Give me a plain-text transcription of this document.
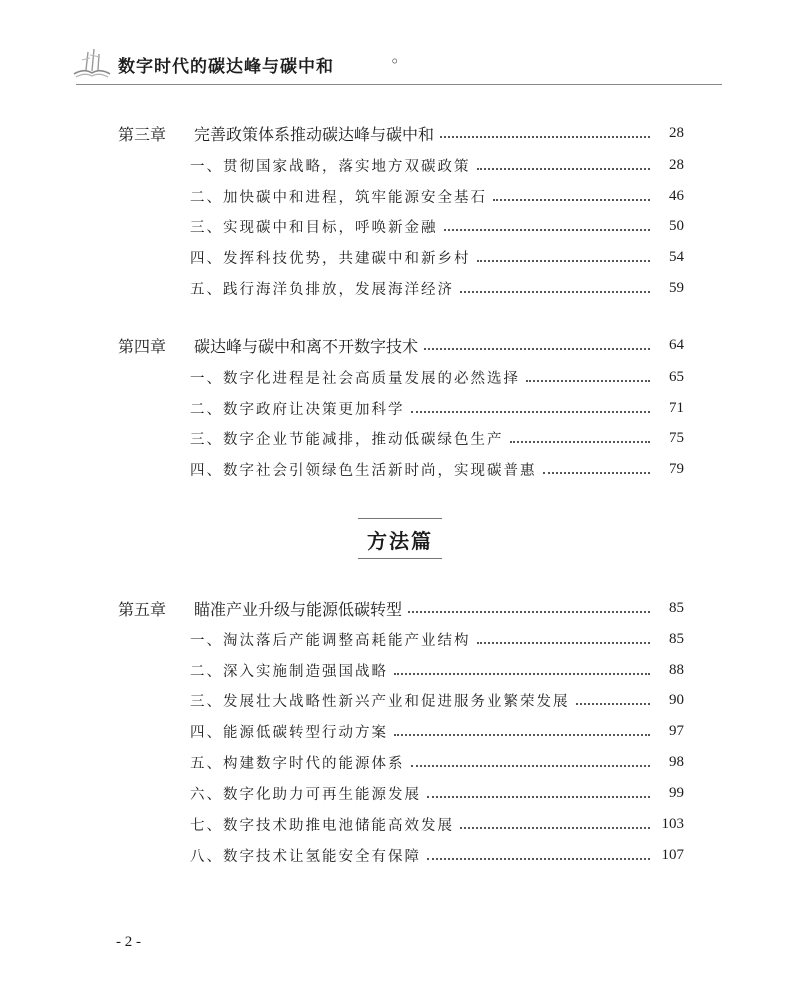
数字时代的碳达峰与碳中和	◦
第三章	完善政策体系推动碳达峰与碳中和	28
一、贯彻国家战略，落实地方双碳政策	28
二、加快碳中和进程，筑牢能源安全基石	46
三、实现碳中和目标，呼唤新金融	50
四、发挥科技优势，共建碳中和新乡村	54
五、践行海洋负排放，发展海洋经济	59
第四章	碳达峰与碳中和离不开数字技术	64
一、数字化进程是社会高质量发展的必然选择	65
二、数字政府让决策更加科学	71
三、数字企业节能减排，推动低碳绿色生产	75
四、数字社会引领绿色生活新时尚，实现碳普惠	79
第五章	瞄准产业升级与能源低碳转型	85
一、淘汰落后产能调整高耗能产业结构	85
二、深入实施制造强国战略	88
三、发展壮大战略性新兴产业和促进服务业繁荣发展	90
四、能源低碳转型行动方案	97
五、构建数字时代的能源体系	98
六、数字化助力可再生能源发展	99
七、数字技术助推电池储能高效发展	103
八、数字技术让氢能安全有保障	107
方法篇
- 2 -
